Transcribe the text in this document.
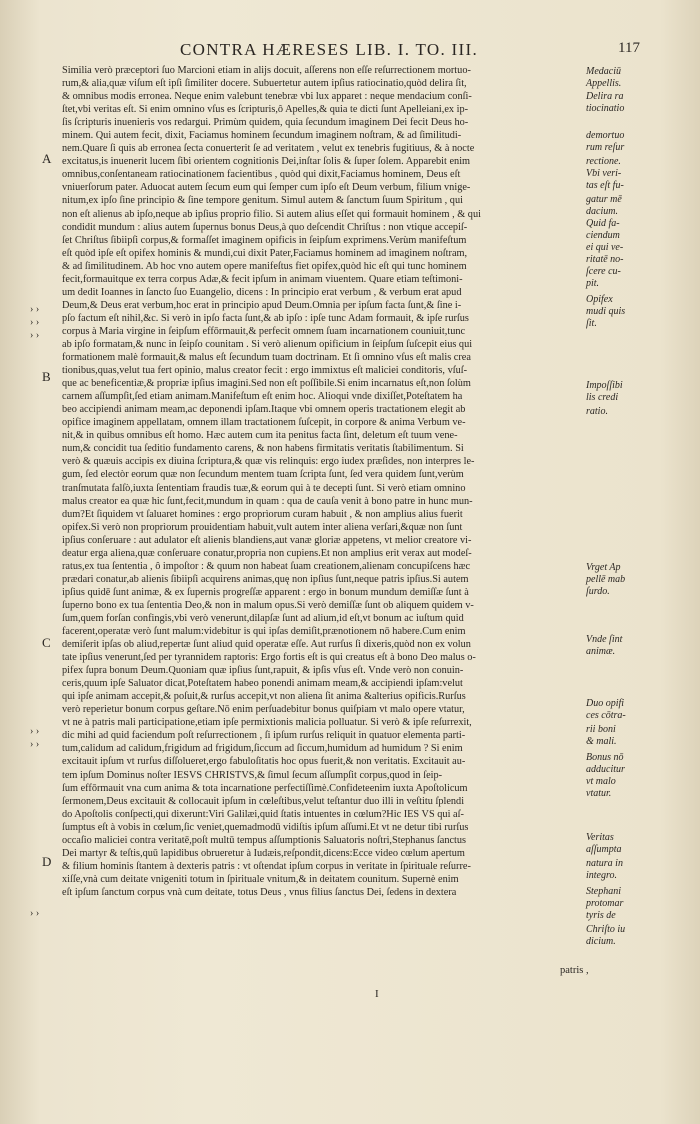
CONTRA HÆRESES LIB. I. TO. III.	117
A
› ›
› ›
› ›
B
C
› ›
› ›
D
› ›
Similia verò præceptori ſuo Marcioni etiam in alijs docuit, aſſerens non eſſe reſurrectionem mortuo-
rum,& alia,quæ viſum eſt ipſi ſimiliter docere. Subuertetur autem ipſius ratiocinatio,quòd delira ſit,
& omnibus modis erronea. Neque enim valebunt tenebræ vbi lux apparet : neque mendacium conſi-
ſtet,vbi veritas eſt. Si enim omnino vſus es ſcripturis,ô Apelles,& quia te dicti ſunt Apelleiani,ex ip-
ſis ſcripturis inuenieris vos redargui. Primùm quidem, quia ſecundum imaginem Dei fecit Deus ho-
minem. Qui autem fecit, dixit, Faciamus hominem ſecundum imaginem noſtram, & ad ſimilitudi-
nem.Quare ſi quis ab erronea ſecta conuerterit ſe ad veritatem , velut ex tenebris fugitiuus, & à nocte
excitatus,is inuenerit lucem ſibi orientem cognitionis Dei,inſtar ſolis & ſuper ſolem. Apparebit enim
omnibus,conſentaneam ratiocinationem facientibus , quòd qui dixit,Faciamus hominem, Deus eſt
vniuerſorum pater. Aduocat autem ſecum eum qui ſemper cum ipſo eſt Deum verbum, filium vnige-
nitum,ex ipſo ſine principio & ſine tempore genitum. Simul autem & ſanctum ſuum Spiritum , qui
non eſt alienus ab ipſo,neque ab ipſius proprio filio. Si autem alius eſſet qui formauit hominem , & qui
condidit mundum : alius autem ſupernus bonus Deus,à quo deſcendit Chriſtus : non vtique accepiſ-
ſet Chriſtus ſibiipſi corpus,& formaſſet imaginem opificis in ſeipſum exprimens.Verùm manifeſtum
eſt quòd ipſe eſt opifex hominis & mundi,cui dixit Pater,Faciamus hominem ad imaginem noſtram,
& ad ſimilitudinem. Ab hoc vno autem opere manifeſtus fiet opifex,quòd hic eſt qui tunc hominem
fecit,formauitque ex terra corpus Adæ,& fecit ipſum in animam viuentem. Quare etiam teſtimoni-
um dedit Ioannes in ſancto ſuo Euangelio, dicens : In principio erat verbum , & verbum erat apud
Deum,& Deus erat verbum,hoc erat in principio apud Deum.Omnia per ipſum facta ſunt,& ſine i-
pſo factum eſt nihil,&c. Si verò in ipſo facta ſunt,& ab ipſo : ipſe tunc Adam formauit, & ipſe rurſus
corpus à Maria virgine in ſeipſum effōrmauit,& perfecit omnem ſuam incarnationem couniuit,tunc
ab ipſo formatam,& nunc in ſeipſo counitam . Si verò alienum opificium in ſeipſum ſuſcepit eius qui
formationem malè formauit,& malus eſt ſecundum tuam doctrinam. Et ſi omnino vſus eſt malis crea
tionibus,quas,velut tua fert opinio, malus creator fecit : ergo immixtus eſt maliciei conditoris, vſuſ-
que ac beneficentiæ,& propriæ ipſius imagini.Sed non eſt poſſibile.Si enim incarnatus eſt,non ſolùm
carnem aſſumpſit,ſed etiam animam.Manifeſtum eſt enim hoc. Alioqui vnde dixiſſet,Poteſtatem ha
beo accipiendi animam meam,ac deponendi ipſam.Itaque vbi omnem operis tractationem elegit ab
opifice imaginem appellatam, omnem illam tractationem ſuſcepit, in corpore & anima Verbum ve-
nit,& in quibus omnibus eſt homo. Hæc autem cum ita penitus facta ſint, deletum eſt tuum vene-
num,& concidit tua ſeditio fundamento carens, & non habens firmitatis veritatis ſtabilimentum. Si
verò & quæuis accipis ex diuina ſcriptura,& quæ vis relinquis: ergo iudex præſides, non interpres le-
gum, ſed electòr eorum quæ non ſecundum mentem tuam ſcripta ſunt, ſed vera quidem ſunt,verùm
tranſmutata falſò,iuxta ſententiam fraudis tuæ,& eorum qui à te decepti ſunt. Si verò etiam omnino
malus creator ea quæ hic ſunt,fecit,mundum in quam : qua de cauſa venit à bono patre in hunc mun-
dum?Et ſiquidem vt ſaluaret homines : ergo proprìorum curam habuit , & non amplius alius fuerit
opifex.Si verò non proprìorum prouidentiam habuit,vult autem inter aliena verſari,&quæ non ſunt
ipſius conſeruare : aut adulator eſt alienis blandiens,aut vanæ gloriæ appetens, vt melior creatore vi-
deatur erga aliena,quæ conſeruare conatur,propria non cupiens.Et non amplius erit verax aut modeſ-
ratus,ex tua ſententia , ô impoſtor : & quum non habeat ſuam creationem,alienam concupiſcens hæc
prædari conatur,ab alienis ſibiipſi acquirens animas,quę non ipſius ſunt,neque patris ipſius.Si autem
ipſius quidē ſunt animæ, & ex ſupernis progreſſæ apparent : ergo in bonum mundum demiſſæ ſunt à
ſuperno bono ex tua ſententia Deo,& non in malum opus.Si verò demiſſæ ſunt ob aliquem quidem v-
ſum,quem forſan confingis,vbi verò venerunt,dilapſæ ſunt ad alium,id eſt,vt bonum ac iuſtum quid
facerent,operatæ verò ſunt malum:videbitur is qui ipſas demiſit,prænotionem nō habere.Cum enim
demiſerit ipſas ob aliud,repertæ ſunt aliud quid operatæ eſſe. Aut rurſus ſi dixeris,quòd non ex volun
tate ipſius venerunt,ſed per tyrannidem raptoris: Ergo fortis eſt is qui creatus eſt à bono Deo malus o-
pifex ſupra bonum Deum.Quoniam quæ ipſius ſunt,rapuit, & ipſis vſus eſt. Vnde verò non conuin-
ceris,quum ipſe Saluator dicat,Poteſtatem habeo ponendi animam meam,& accipiendi ipſam:velut
qui ipſe animam accepit,& poſuit,& rurſus accepit,vt non aliena ſit anima &alterius opificis.Rurſus
verò reperietur bonum corpus geſtare.Nō enim perſuadebitur bonus quiſpiam vt malo opere vtatur,
vt ne à patris mali participatione,etiam ipſe permixtionis malicia polluatur. Si verò & ipſe reſurrexit,
dic mihi ad quid faciendum poſt reſurrectionem , ſi ipſum rurſus reliquit in quatuor elementa parti-
tum,calidum ad calidum,frigidum ad frigidum,ſiccum ad ſiccum,humidum ad humidum ? Si enim
excitauit ipſum vt rurſus diſſolueret,ergo fabuloſitatis hoc opus fuerit,& non veritatis. Excitauit au-
tem ipſum Dominus noſter IESVS CHRISTVS,& ſimul ſecum aſſumpſit corpus,quod in ſeip-
ſum effōrmauit vna cum anima & tota incarnatione perfectiſſimè.Confideteenim iuxta Apoſtolicum
ſermonem,Deus excitauit & collocauit ipſum in cœleſtibus,velut teſtantur duo illi in veſtitu ſplendi
do Apoſtolis conſpecti,qui dixerunt:Viri Galilæi,quid ſtatis intuentes in cœlum?Hic IES VS qui aſ-
ſumptus eſt à vobis in cœlum,ſic veniet,quemadmodū vidiſtis ipſum aſſumi.Et vt ne detur tibi rurſus
occaſio maliciei contra veritatē,poſt multū tempus aſſumptionis Saluatoris noſtri,Stephanus ſanctus
Dei martyr & teſtis,quū lapidibus obrueretur à Iudæis,reſpondit,dicens:Ecce video cœlum apertum
& filium hominis ſtantem à dexteris patris : vt oſtendat ipſum corpus in veritate in ſpirituale reſurre-
xiſſe,vnà cum deitate vnigeniti totum in ſpirituale vnitum,& in deitatem counitum. Supernè enim
eſt ipſum ſanctum corpus vnà cum deitate, totus Deus , vnus filius ſanctus Dei, ſedens in dextera
Medaciū
Appellis.
Delira ra
tiocinatio
demortuo
rum reſur
rectione.
Vbi veri-
tas eſt fu-
gatur mē
dacium.
Quid fa-
ciendum
ei qui ve-
ritatē no-
ſcere cu-
pit.
Opifex
mudi quis
ſit.
Impoſſibi
lis credi
ratio.
Vrget Ap
pellē mab
ſurdo.
Vnde ſint
animæ.
Duo opifi
ces cōtra-
rii boni
& mali.
Bonus nō
adducitur
vt malo
vtatur.
Veritas
aſſumpta
natura in
integro.
Stephani
protomar
tyris de
Chriſto iu
dicium.
patris ,
I
